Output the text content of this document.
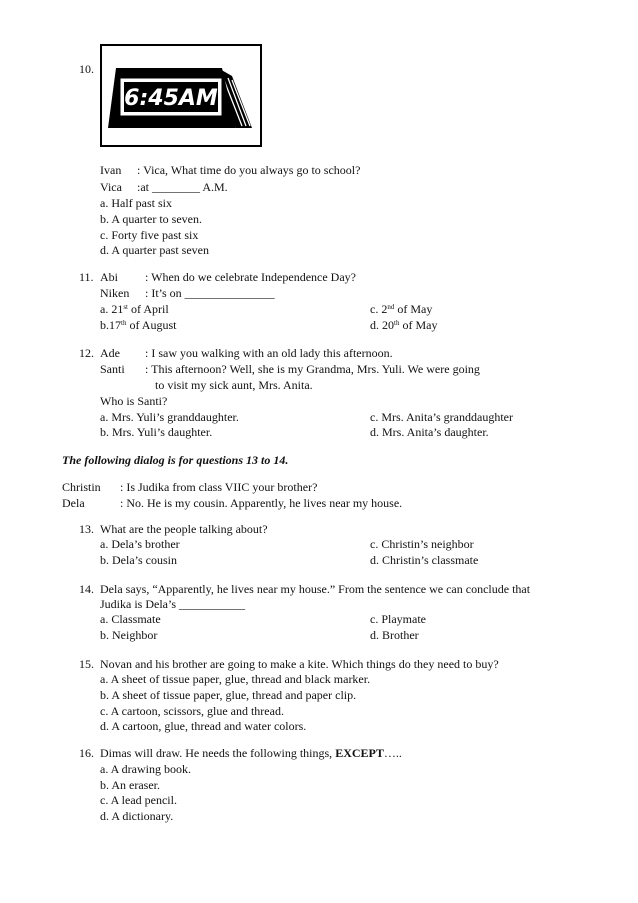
10.
6:45AM
Ivan : Vica, What time do you always go to school?
Vica :at ________ A.M.
a. Half past six
b. A quarter to seven.
c. Forty five past six
d. A quarter past seven
11. Abi : When do we celebrate Independence Day?
Niken : It’s on _______________
a. 21st of April	c. 2nd of May
b.17th of August	d. 20th of May
12. Ade : I saw you walking with an old lady this afternoon.
Santi : This afternoon? Well, she is my Grandma, Mrs. Yuli. We were going
to visit my sick aunt, Mrs. Anita.
Who is Santi?
a. Mrs. Yuli’s granddaughter.	c. Mrs. Anita’s granddaughter
b. Mrs. Yuli’s daughter.	d. Mrs. Anita’s daughter.
The following dialog is for questions 13 to 14.
Christin : Is Judika from class VIIC your brother?
Dela	: No. He is my cousin. Apparently, he lives near my house.
13. What are the people talking about?
a. Dela’s brother	c. Christin’s neighbor
b. Dela’s cousin	d. Christin’s classmate
14. Dela says, “Apparently, he lives near my house.” From the sentence we can conclude that
Judika is Dela’s ___________
a. Classmate	c. Playmate
b. Neighbor	d. Brother
15. Novan and his brother are going to make a kite. Which things do they need to buy?
a. A sheet of tissue paper, glue, thread and black marker.
b. A sheet of tissue paper, glue, thread and paper clip.
c. A cartoon, scissors, glue and thread.
d. A cartoon, glue, thread and water colors.
16. Dimas will draw. He needs the following things, EXCEPT…..
a. A drawing book.
b. An eraser.
c. A lead pencil.
d. A dictionary.
